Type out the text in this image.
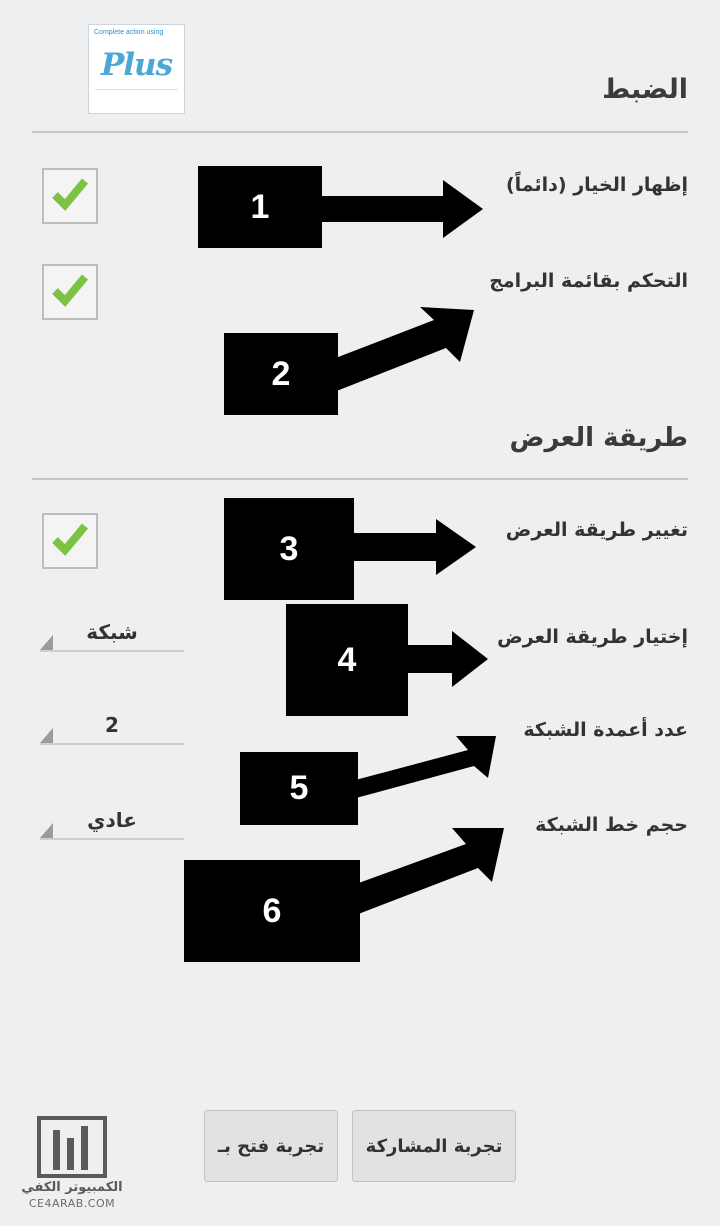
الضبط
Complete action using
Plus
إظهار الخيار (دائماً)
التحكم بقائمة البرامج
طريقة العرض
تغيير طريقة العرض
إختيار طريقة العرض
شبكة
عدد أعمدة الشبكة
2
حجم خط الشبكة
عادي
1
2
3
4
5
6
تجربة المشاركة
تجربة فتح بـ
الكمبيوتر الكفي
CE4ARAB.COM
